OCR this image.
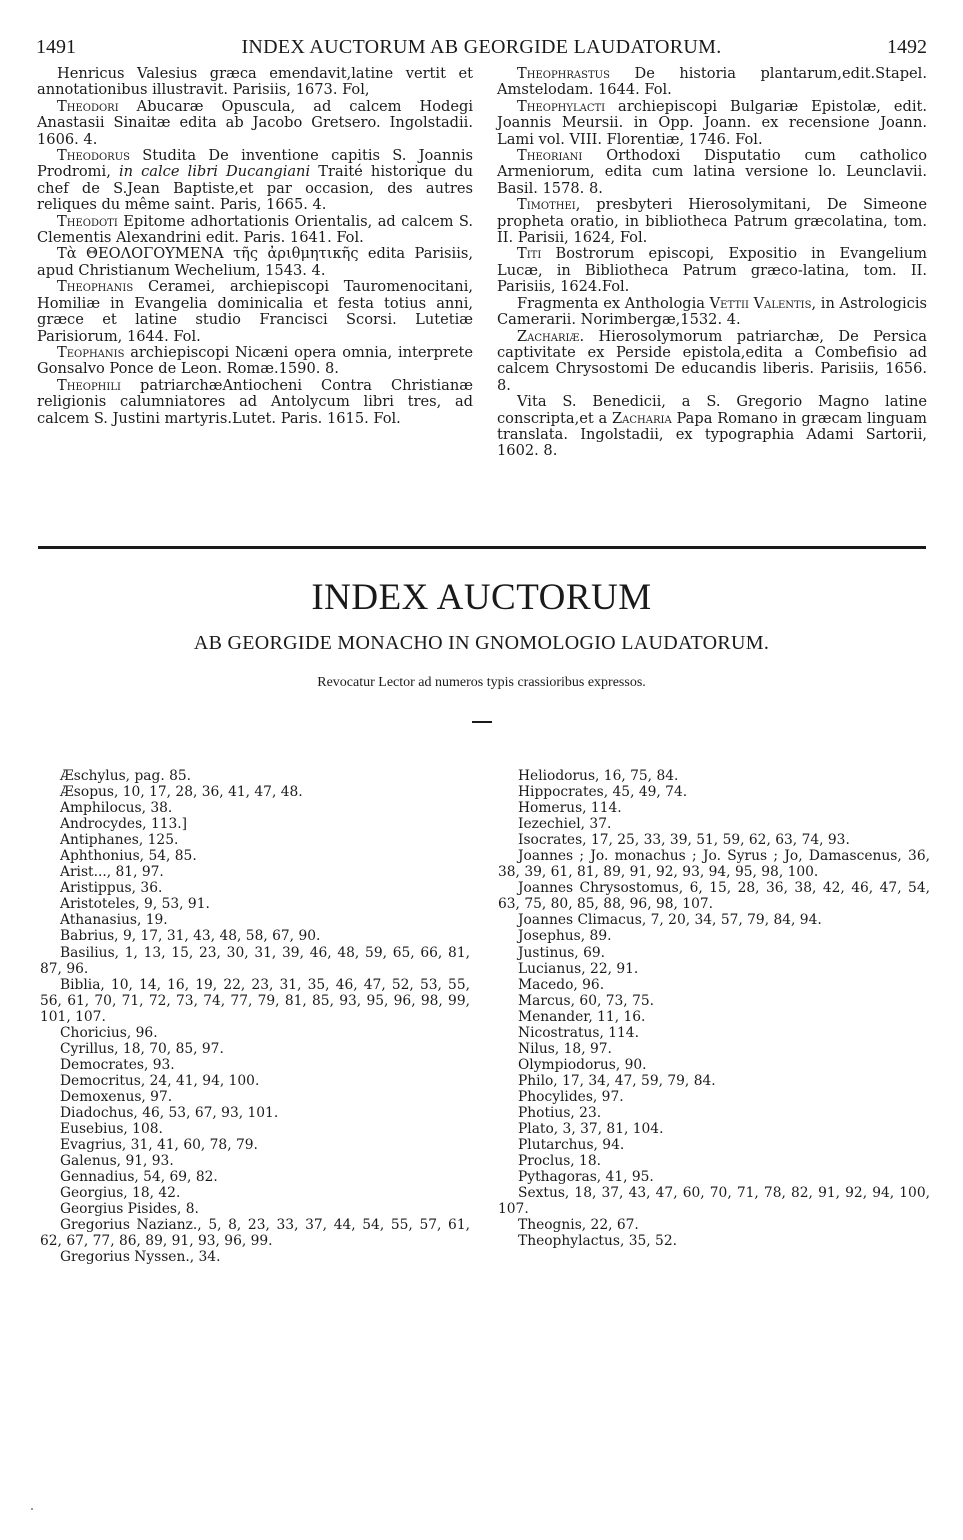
1491	INDEX AUCTORUM AB GEORGIDE LAUDATORUM.	1492

Henricus Valesius græca emendavit,latine vertit et annotationibus illustravit. Parisiis, 1673. Fol,

Theodori Abucaræ Opuscula, ad calcem Hodegi Anastasii Sinaitæ edita ab Jacobo Gretsero. Ingolstadii. 1606. 4.

Theodorus Studita De inventione capitis S. Joannis Prodromi, in calce libri Ducangiani Traité historique du chef de S.Jean Baptiste,et par occasion, des autres reliques du même saint. Paris, 1665. 4.

Theodoti Epitome adhortationis Orientalis, ad calcem S. Clementis Alexandrini edit. Paris. 1641. Fol.

Τὰ ΘΕΟΛΟΓΟΥΜΕΝΑ τῆς ἀριθμητικῆς edita Parisiis, apud Christianum Wechelium, 1543. 4.

Theophanis Ceramei, archiepiscopi Tauromenocitani, Homiliæ in Evangelia dominicalia et festa totius anni, græce et latine studio Francisci Scorsi. Lutetiæ Parisiorum, 1644. Fol.

Teophanis archiepiscopi Nicæni opera omnia, interprete Gonsalvo Ponce de Leon. Romæ.1590. 8.

Theophili patriarchæAntiocheni Contra Christianæ religionis calumniatores ad Antolycum libri tres, ad calcem S. Justini martyris.Lutet. Paris. 1615. Fol.

Theophrastus De historia plantarum,edit.Stapel. Amstelodam. 1644. Fol.

Theophylacti archiepiscopi Bulgariæ Epistolæ, edit. Joannis Meursii. in Opp. Joann. ex recensione Joann. Lami vol. VIII. Florentiæ, 1746. Fol.

Theoriani Orthodoxi Disputatio cum catholico Armeniorum, edita cum latina versione lo. Leunclavii. Basil. 1578. 8.

Timothei, presbyteri Hierosolymitani, De Simeone propheta oratio, in bibliotheca Patrum græcolatina, tom. II. Parisii, 1624, Fol.

Titi Bostrorum episcopi, Expositio in Evangelium Lucæ, in Bibliotheca Patrum græco-latina, tom. II. Parisiis, 1624.Fol.

Fragmenta ex Anthologia Vettii Valentis, in Astrologicis Camerarii. Norimbergæ,1532. 4.

Zachariæ. Hierosolymorum patriarchæ, De Persica captivitate ex Perside epistola,edita a Combefisio ad calcem Chrysostomi De educandis liberis. Parisiis, 1656. 8.

Vita S. Benedicii, a S. Gregorio Magno latine conscripta,et a Zacharia Papa Romano in græcam linguam translata. Ingolstadii, ex typographia Adami Sartorii, 1602. 8.

INDEX AUCTORUM
AB GEORGIDE MONACHO IN GNOMOLOGIO LAUDATORUM.
Revocatur Lector ad numeros typis crassioribus expressos.

Æschylus, pag. 85.

Æsopus, 10, 17, 28, 36, 41, 47, 48.

Amphilocus, 38.

Androcydes, 113.]

Antiphanes, 125.

Aphthonius, 54, 85.

Arist..., 81, 97.

Aristippus, 36.

Aristoteles, 9, 53, 91.

Athanasius, 19.

Babrius, 9, 17, 31, 43, 48, 58, 67, 90.

Basilius, 1, 13, 15, 23, 30, 31, 39, 46, 48, 59, 65, 66, 81, 87, 96.

Biblia, 10, 14, 16, 19, 22, 23, 31, 35, 46, 47, 52, 53, 55, 56, 61, 70, 71, 72, 73, 74, 77, 79, 81, 85, 93, 95, 96, 98, 99, 101, 107.

Choricius, 96.

Cyrillus, 18, 70, 85, 97.

Democrates, 93.

Democritus, 24, 41, 94, 100.

Demoxenus, 97.

Diadochus, 46, 53, 67, 93, 101.

Eusebius, 108.

Evagrius, 31, 41, 60, 78, 79.

Galenus, 91, 93.

Gennadius, 54, 69, 82.

Georgius, 18, 42.

Georgius Pisides, 8.

Gregorius Nazianz., 5, 8, 23, 33, 37, 44, 54, 55, 57, 61, 62, 67, 77, 86, 89, 91, 93, 96, 99.

Gregorius Nyssen., 34.

Heliodorus, 16, 75, 84.

Hippocrates, 45, 49, 74.

Homerus, 114.

Iezechiel, 37.

Isocrates, 17, 25, 33, 39, 51, 59, 62, 63, 74, 93.

Joannes ; Jo. monachus ; Jo. Syrus ; Jo, Damascenus, 36, 38, 39, 61, 81, 89, 91, 92, 93, 94, 95, 98, 100.

Joannes Chrysostomus, 6, 15, 28, 36, 38, 42, 46, 47, 54, 63, 75, 80, 85, 88, 96, 98, 107.

Joannes Climacus, 7, 20, 34, 57, 79, 84, 94.

Josephus, 89.

Justinus, 69.

Lucianus, 22, 91.

Macedo, 96.

Marcus, 60, 73, 75.

Menander, 11, 16.

Nicostratus, 114.

Nilus, 18, 97.

Olympiodorus, 90.

Philo, 17, 34, 47, 59, 79, 84.

Phocylides, 97.

Photius, 23.

Plato, 3, 37, 81, 104.

Plutarchus, 94.

Proclus, 18.

Pythagoras, 41, 95.

Sextus, 18, 37, 43, 47, 60, 70, 71, 78, 82, 91, 92, 94, 100, 107.

Theognis, 22, 67.

Theophylactus, 35, 52.
